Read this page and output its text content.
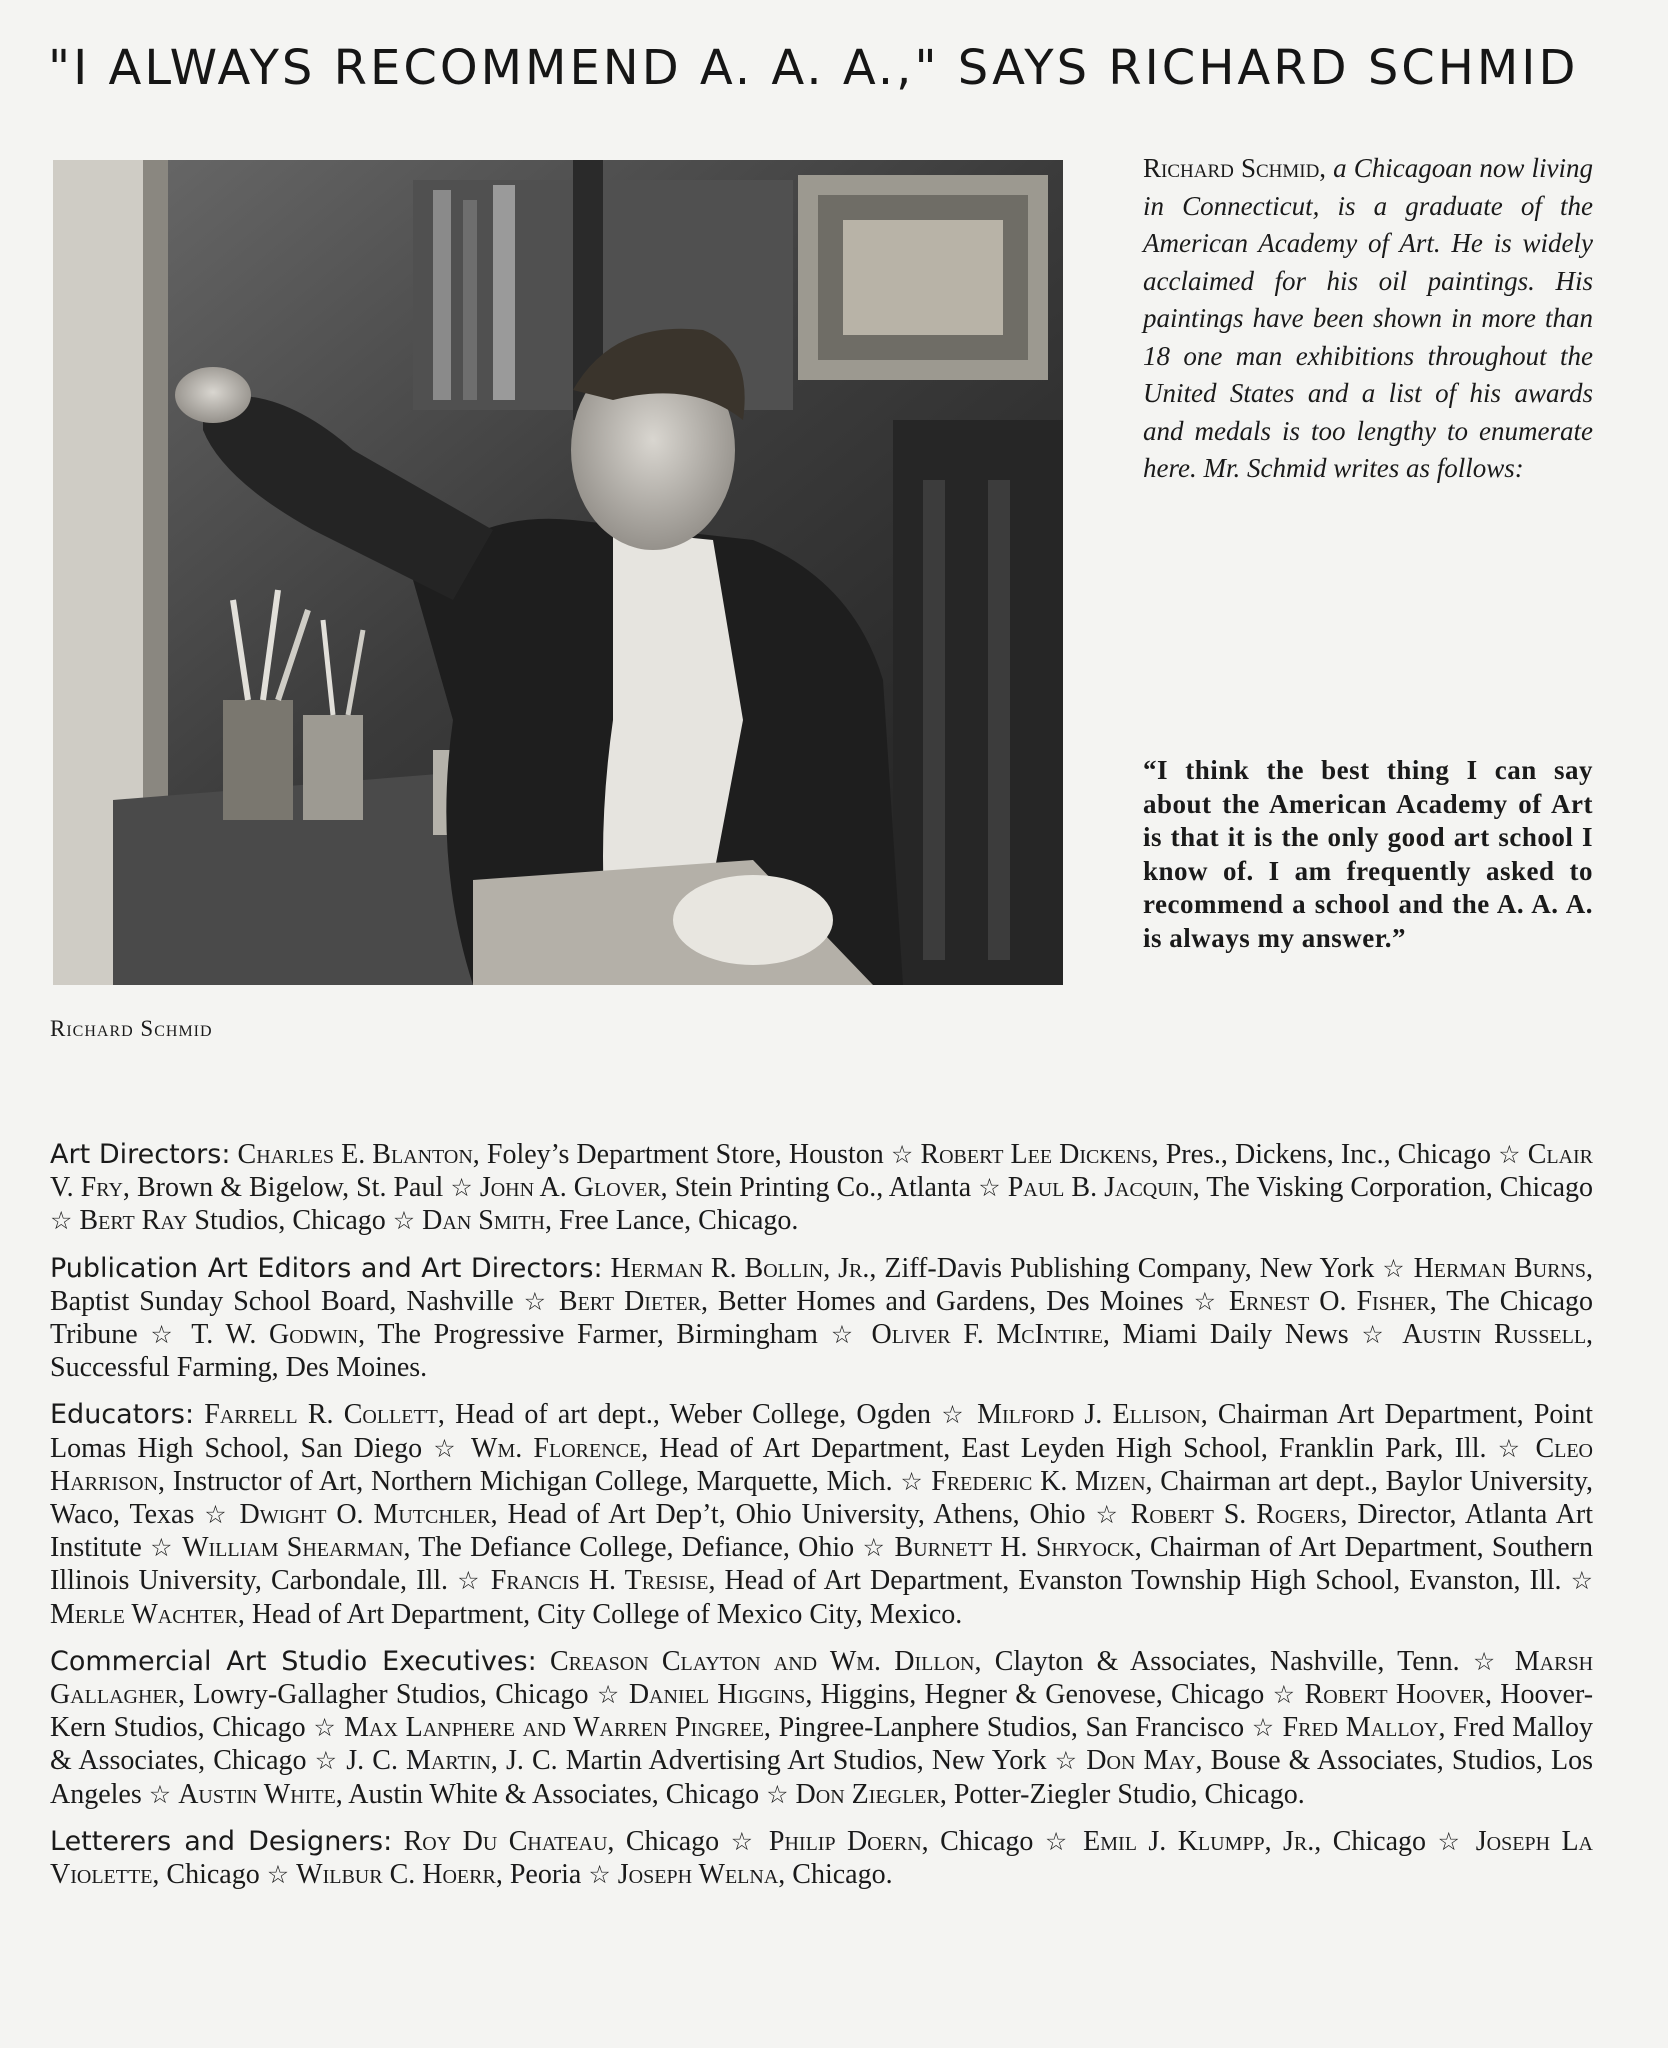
"I ALWAYS RECOMMEND A. A. A.," SAYS RICHARD SCHMID
Richard Schmid
Richard Schmid, a Chicagoan now living in Connecticut, is a graduate of the American Academy of Art. He is widely acclaimed for his oil paintings. His paintings have been shown in more than 18 one man exhibitions throughout the United States and a list of his awards and medals is too lengthy to enumerate here. Mr. Schmid writes as follows:
“I think the best thing I can say about the American Academy of Art is that it is the only good art school I know of. I am frequently asked to recommend a school and the A. A. A. is always my answer.”

Art Directors: Charles E. Blanton, Foley’s Department Store, Houston ☆ Robert Lee Dickens, Pres., Dickens, Inc., Chicago ☆ Clair V. Fry, Brown & Bigelow, St. Paul ☆ John A. Glover, Stein Printing Co., Atlanta ☆ Paul B. Jacquin, The Visking Corporation, Chicago ☆ Bert Ray Studios, Chicago ☆ Dan Smith, Free Lance, Chicago.

Publication Art Editors and Art Directors: Herman R. Bollin, Jr., Ziff-Davis Publishing Company, New York ☆ Herman Burns, Baptist Sunday School Board, Nashville ☆ Bert Dieter, Better Homes and Gardens, Des Moines ☆ Ernest O. Fisher, The Chicago Tribune ☆ T. W. Godwin, The Progressive Farmer, Birmingham ☆ Oliver F. McIntire, Miami Daily News ☆ Austin Russell, Successful Farming, Des Moines.

Educators: Farrell R. Collett, Head of art dept., Weber College, Ogden ☆ Milford J. Ellison, Chairman Art Department, Point Lomas High School, San Diego ☆ Wm. Florence, Head of Art Department, East Leyden High School, Franklin Park, Ill. ☆ Cleo Harrison, Instructor of Art, Northern Michigan College, Marquette, Mich. ☆ Frederic K. Mizen, Chairman art dept., Baylor University, Waco, Texas ☆ Dwight O. Mutchler, Head of Art Dep’t, Ohio University, Athens, Ohio ☆ Robert S. Rogers, Director, Atlanta Art Institute ☆ William Shearman, The Defiance College, Defiance, Ohio ☆ Burnett H. Shryock, Chairman of Art Department, Southern Illinois University, Carbondale, Ill. ☆ Francis H. Tresise, Head of Art Department, Evanston Township High School, Evanston, Ill. ☆ Merle Wachter, Head of Art Department, City College of Mexico City, Mexico.

Commercial Art Studio Executives: Creason Clayton and Wm. Dillon, Clayton & Associates, Nashville, Tenn. ☆ Marsh Gallagher, Lowry-Gallagher Studios, Chicago ☆ Daniel Higgins, Higgins, Hegner & Genovese, Chicago ☆ Robert Hoover, Hoover-Kern Studios, Chicago ☆ Max Lanphere and Warren Pingree, Pingree-Lanphere Studios, San Francisco ☆ Fred Malloy, Fred Malloy & Associates, Chicago ☆ J. C. Martin, J. C. Martin Advertising Art Studios, New York ☆ Don May, Bouse & Associates, Studios, Los Angeles ☆ Austin White, Austin White & Associates, Chicago ☆ Don Ziegler, Potter-Ziegler Studio, Chicago.

Letterers and Designers: Roy Du Chateau, Chicago ☆ Philip Doern, Chicago ☆ Emil J. Klumpp, Jr., Chicago ☆ Joseph La Violette, Chicago ☆ Wilbur C. Hoerr, Peoria ☆ Joseph Welna, Chicago.
